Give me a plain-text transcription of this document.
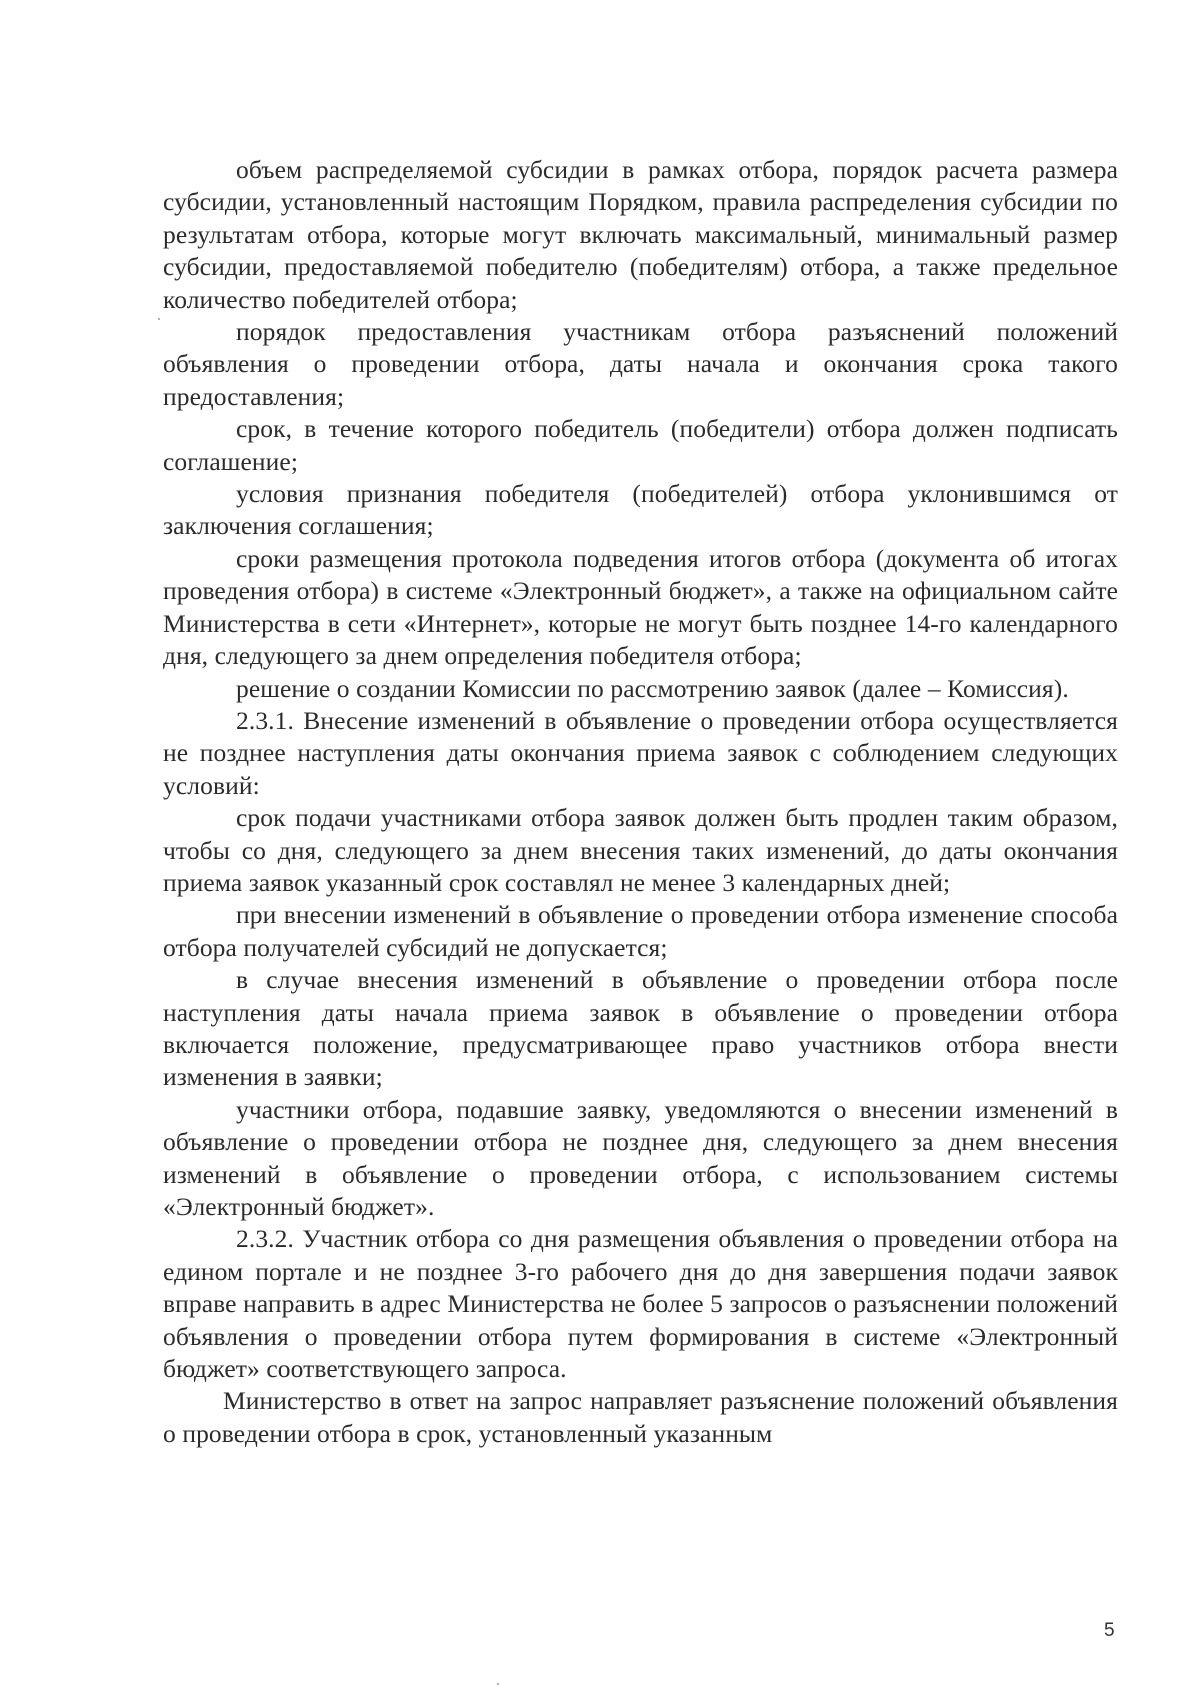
объем распределяемой субсидии в рамках отбора, порядок расчета размера субсидии, установленный настоящим Порядком, правила распределения субсидии по результатам отбора, которые могут включать максимальный, минимальный размер субсидии, предоставляемой победителю (победителям) отбора, а также предельное количество победителей отбора;

порядок предоставления участникам отбора разъяснений положений объявления о проведении отбора, даты начала и окончания срока такого предоставления;

срок, в течение которого победитель (победители) отбора должен подписать соглашение;

условия признания победителя (победителей) отбора уклонившимся от заключения соглашения;

сроки размещения протокола подведения итогов отбора (документа об итогах проведения отбора) в системе «Электронный бюджет», а также на официальном сайте Министерства в сети «Интернет», которые не могут быть позднее 14-го календарного дня, следующего за днем определения победителя отбора;

решение о создании Комиссии по рассмотрению заявок (далее – Комиссия).

2.3.1. Внесение изменений в объявление о проведении отбора осуществляется не позднее наступления даты окончания приема заявок с соблюдением следующих условий:

срок подачи участниками отбора заявок должен быть продлен таким образом, чтобы со дня, следующего за днем внесения таких изменений, до даты окончания приема заявок указанный срок составлял не менее 3 календарных дней;

при внесении изменений в объявление о проведении отбора изменение способа отбора получателей субсидий не допускается;

в случае внесения изменений в объявление о проведении отбора после наступления даты начала приема заявок в объявление о проведении отбора включается положение, предусматривающее право участников отбора внести изменения в заявки;

участники отбора, подавшие заявку, уведомляются о внесении изменений в объявление о проведении отбора не позднее дня, следующего за днем внесения изменений в объявление о проведении отбора, с использованием системы «Электронный бюджет».

2.3.2. Участник отбора со дня размещения объявления о проведении отбора на едином портале и не позднее 3-го рабочего дня до дня завершения подачи заявок вправе направить в адрес Министерства не более 5 запросов о разъяснении положений объявления о проведении отбора путем формирования в системе «Электронный бюджет» соответствующего запроса.

Министерство в ответ на запрос направляет разъяснение положений объявления о проведении отбора в срок, установленный указанным

5
